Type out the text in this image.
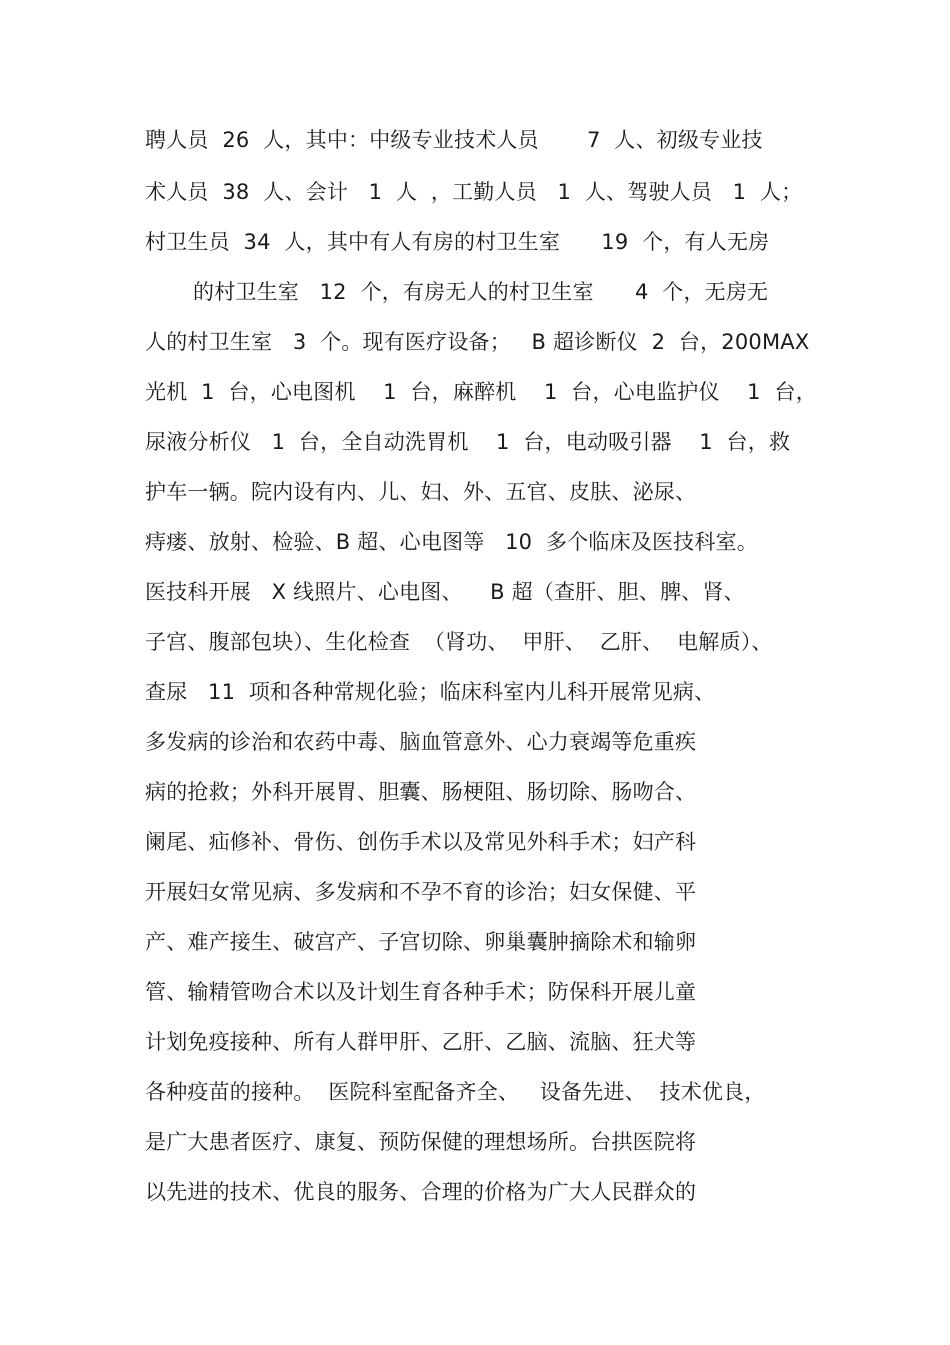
聘人员  26  人，其中：中级专业技术人员       7  人、初级专业技
术人员  38  人、会计   1  人  ，工勤人员   1  人、驾驶人员   1  人；
村卫生员  34  人，其中有人有房的村卫生室      19  个，有人无房
的村卫生室   12  个，有房无人的村卫生室      4  个，无房无
人的村卫生室   3  个。现有医疗设备；   B 超诊断仪  2  台，200MAX
光机  1  台，心电图机    1  台，麻醉机    1  台，心电监护仪    1  台，
尿液分析仪   1  台，全自动洗胃机    1  台，电动吸引器    1  台，救
护车一辆。院内设有内、儿、妇、外、五官、皮肤、泌尿、
痔瘘、放射、检验、B 超、心电图等   10  多个临床及医技科室。
医技科开展   X 线照片、心电图、    B 超（查肝、胆、脾、肾、
子宫、腹部包块）、生化检查  （肾功、  甲肝、  乙肝、  电解质）、
查尿   11  项和各种常规化验；临床科室内儿科开展常见病、
多发病的诊治和农药中毒、脑血管意外、心力衰竭等危重疾
病的抢救；外科开展胃、胆囊、肠梗阻、肠切除、肠吻合、
阑尾、疝修补、骨伤、创伤手术以及常见外科手术；妇产科
开展妇女常见病、多发病和不孕不育的诊治；妇女保健、平
产、难产接生、破宫产、子宫切除、卵巢囊肿摘除术和输卵
管、输精管吻合术以及计划生育各种手术；防保科开展儿童
计划免疫接种、所有人群甲肝、乙肝、乙脑、流脑、狂犬等
各种疫苗的接种。  医院科室配备齐全、   设备先进、  技术优良，
是广大患者医疗、康复、预防保健的理想场所。台拱医院将
以先进的技术、优良的服务、合理的价格为广大人民群众的
